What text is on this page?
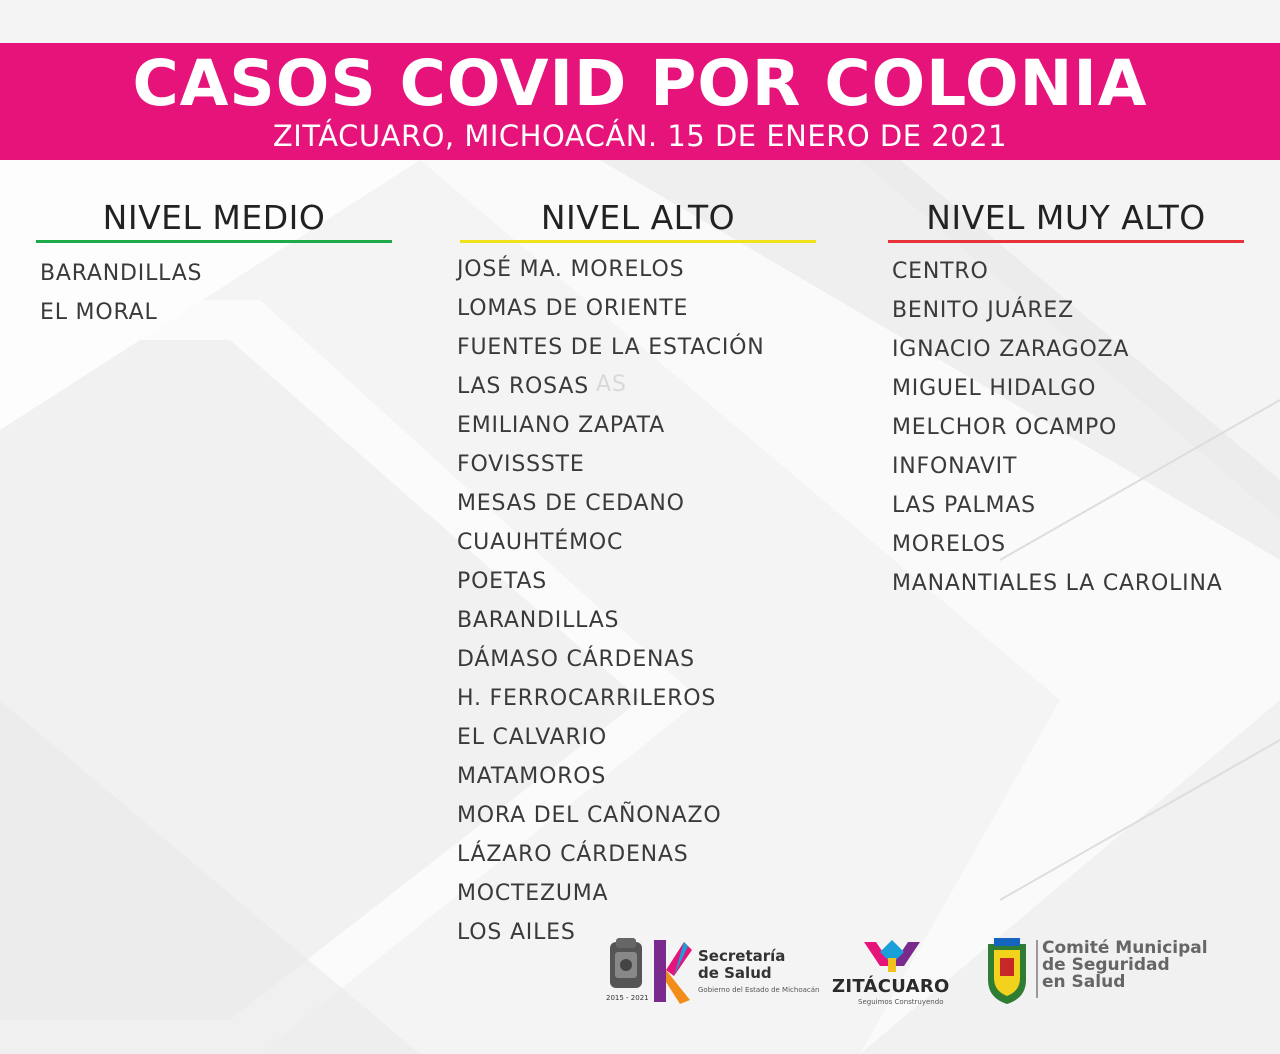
CASOS COVID POR COLONIA
ZITÁCUARO, MICHOACÁN. 15 DE ENERO DE 2021
NIVEL MEDIO
BARANDILLAS
EL MORAL
NIVEL ALTO
AS
JOSÉ MA. MORELOS
LOMAS DE ORIENTE
FUENTES DE LA ESTACIÓN
LAS ROSAS
EMILIANO ZAPATA
FOVISSSTE
MESAS DE CEDANO
CUAUHTÉMOC
POETAS
BARANDILLAS
DÁMASO CÁRDENAS
H. FERROCARRILEROS
EL CALVARIO
MATAMOROS
MORA DEL CAÑONAZO
LÁZARO CÁRDENAS
MOCTEZUMA
LOS AILES
NIVEL MUY ALTO
CENTRO
BENITO JUÁREZ
IGNACIO ZARAGOZA
MIGUEL HIDALGO
MELCHOR OCAMPO
INFONAVIT
LAS PALMAS
MORELOS
MANANTIALES LA CAROLINA
2015 - 2021
Secretaría
de Salud
Gobierno del Estado de Michoacán ZITÁCUARO
Seguimos Construyendo
Comité Municipal
de Seguridad
en Salud
